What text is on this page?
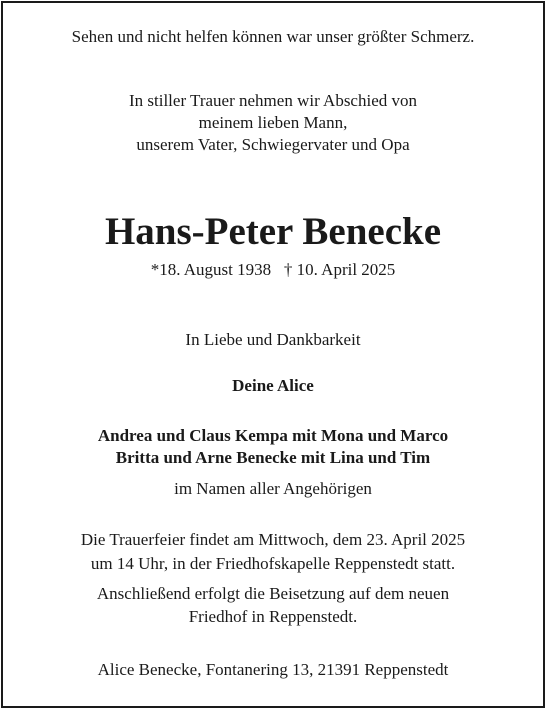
Sehen und nicht helfen können war unser größter Schmerz.
In stiller Trauer nehmen wir Abschied von
meinem lieben Mann,
unserem Vater, Schwiegervater und Opa
Hans-Peter Benecke
*18. August 1938   † 10. April 2025
In Liebe und Dankbarkeit
Deine Alice
Andrea und Claus Kempa mit Mona und Marco
Britta und Arne Benecke mit Lina und Tim
im Namen aller Angehörigen
Die Trauerfeier findet am Mittwoch, dem 23. April 2025
um 14 Uhr, in der Friedhofskapelle Reppenstedt statt.
Anschließend erfolgt die Beisetzung auf dem neuen
Friedhof in Reppenstedt.
Alice Benecke, Fontanering 13, 21391 Reppenstedt
